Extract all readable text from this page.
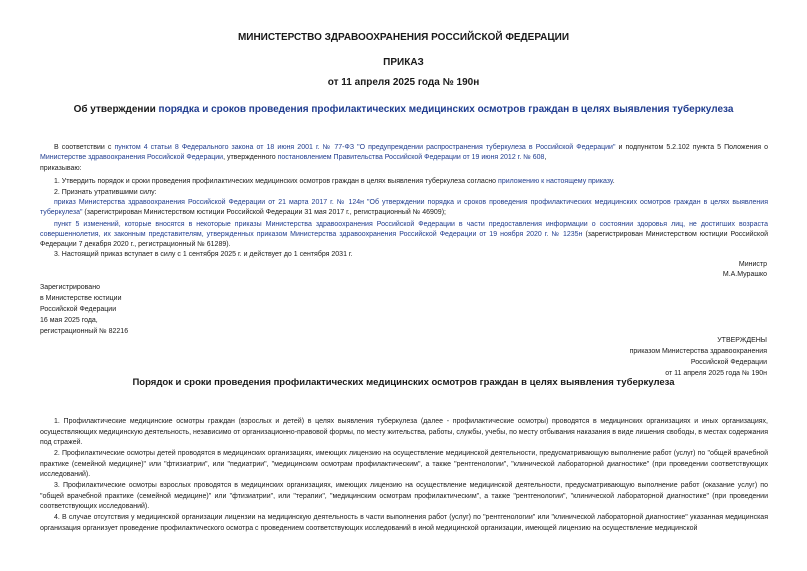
МИНИСТЕРСТВО ЗДРАВООХРАНЕНИЯ РОССИЙСКОЙ ФЕДЕРАЦИИ
ПРИКАЗ
от 11 апреля 2025 года № 190н
Об утверждении порядка и сроков проведения профилактических медицинских осмотров граждан в целях выявления туберкулеза
В соответствии с пунктом 4 статьи 8 Федерального закона от 18 июня 2001 г. № 77-ФЗ "О предупреждении распространения туберкулеза в Российской Федерации" и подпунктом 5.2.102 пункта 5 Положения о Министерстве здравоохранения Российской Федерации, утвержденного постановлением Правительства Российской Федерации от 19 июня 2012 г. № 608,
приказываю:
1. Утвердить порядок и сроки проведения профилактических медицинских осмотров граждан в целях выявления туберкулеза согласно приложению к настоящему приказу.
2. Признать утратившими силу:
приказ Министерства здравоохранения Российской Федерации от 21 марта 2017 г. № 124н "Об утверждении порядка и сроков проведения профилактических медицинских осмотров граждан в целях выявления туберкулеза" (зарегистрирован Министерством юстиции Российской Федерации 31 мая 2017 г., регистрационный № 46909);
пункт 5 изменений, которые вносятся в некоторые приказы Министерства здравоохранения Российской Федерации в части предоставления информации о состоянии здоровья лиц, не достигших возраста совершеннолетия, их законным представителям, утвержденных приказом Министерства здравоохранения Российской Федерации от 19 ноября 2020 г. № 1235н (зарегистрирован Министерством юстиции Российской Федерации 7 декабря 2020 г., регистрационный № 61289).
3. Настоящий приказ вступает в силу с 1 сентября 2025 г. и действует до 1 сентября 2031 г.
Министр
М.А.Мурашко
Зарегистрировано
в Министерстве юстиции
Российской Федерации
16 мая 2025 года,
регистрационный № 82216
УТВЕРЖДЕНЫ
приказом Министерства здравоохранения
Российской Федерации
от 11 апреля 2025 года № 190н
Порядок и сроки проведения профилактических медицинских осмотров граждан в целях выявления туберкулеза
1. Профилактические медицинские осмотры граждан (взрослых и детей) в целях выявления туберкулеза (далее - профилактические осмотры) проводятся в медицинских организациях и иных организациях, осуществляющих медицинскую деятельность, независимо от организационно-правовой формы, по месту жительства, работы, службы, учебы, по месту отбывания наказания в виде лишения свободы, в местах содержания под стражей.
2. Профилактические осмотры детей проводятся в медицинских организациях, имеющих лицензию на осуществление медицинской деятельности, предусматривающую выполнение работ (услуг) по "общей врачебной практике (семейной медицине)" или "фтизиатрии", или "педиатрии", "медицинским осмотрам профилактическим", а также "рентгенологии", "клинической лабораторной диагностике" (при проведении соответствующих исследований).
3. Профилактические осмотры взрослых проводятся в медицинских организациях, имеющих лицензию на осуществление медицинской деятельности, предусматривающую выполнение работ (оказание услуг) по "общей врачебной практике (семейной медицине)" или "фтизиатрии", или "терапии", "медицинским осмотрам профилактическим", а также "рентгенологии", "клинической лабораторной диагностике" (при проведении соответствующих исследований).
4. В случае отсутствия у медицинской организации лицензии на медицинскую деятельность в части выполнения работ (услуг) по "рентгенологии" или "клинической лабораторной диагностике" указанная медицинская организация организует проведение профилактического осмотра с проведением соответствующих исследований в иной медицинской организации, имеющей лицензию на осуществление медицинской
